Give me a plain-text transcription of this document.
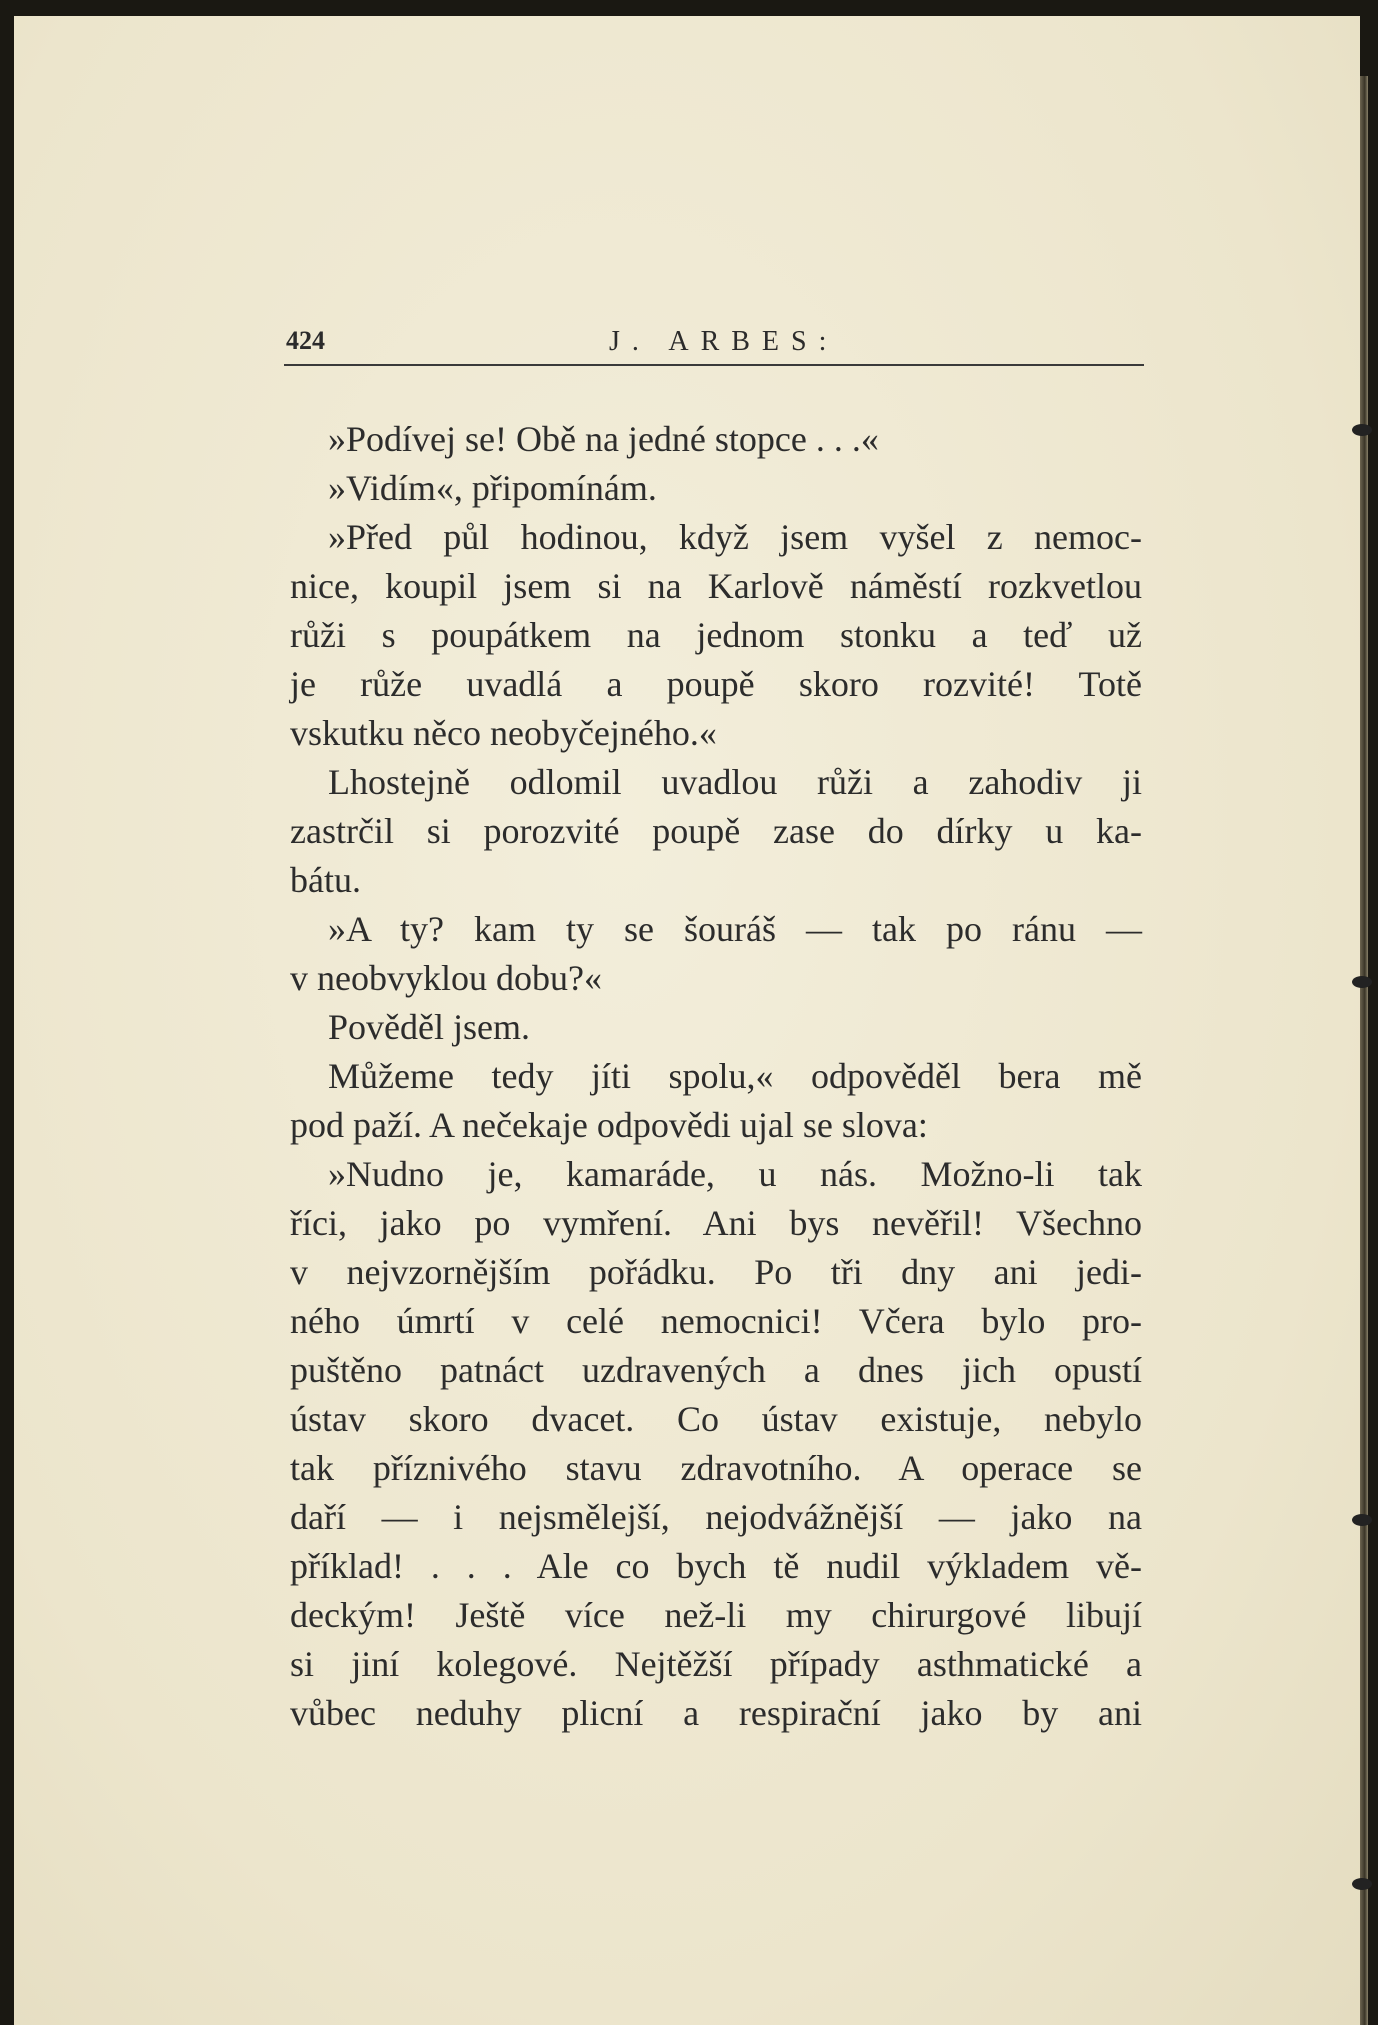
424	J. ARBES:
»Podívej se! Obě na jedné stopce . . .«
»Vidím«, připomínám.
»Před půl hodinou, když jsem vyšel z nemoc-
nice, koupil jsem si na Karlově náměstí rozkvetlou
růži s poupátkem na jednom stonku a teď už
je růže uvadlá a poupě skoro rozvité! Totě
vskutku něco neobyčejného.«
Lhostejně odlomil uvadlou růži a zahodiv ji
zastrčil si porozvité poupě zase do dírky u ka-
bátu.
»A ty? kam ty se šouráš — tak po ránu —
v neobvyklou dobu?«
Pověděl jsem.
Můžeme tedy jíti spolu,« odpověděl bera mě
pod paží. A nečekaje odpovědi ujal se slova:
»Nudno je, kamaráde, u nás. Možno-li tak
říci, jako po vymření. Ani bys nevěřil! Všechno
v nejvzornějším pořádku. Po tři dny ani jedi-
ného úmrtí v celé nemocnici! Včera bylo pro-
puštěno patnáct uzdravených a dnes jich opustí
ústav skoro dvacet. Co ústav existuje, nebylo
tak příznivého stavu zdravotního. A operace se
daří — i nejsmělejší, nejodvážnější — jako na
příklad! . . . Ale co bych tě nudil výkladem vě-
deckým! Ještě více než-li my chirurgové libují
si jiní kolegové. Nejtěžší případy asthmatické a
vůbec neduhy plicní a respirační jako by ani
